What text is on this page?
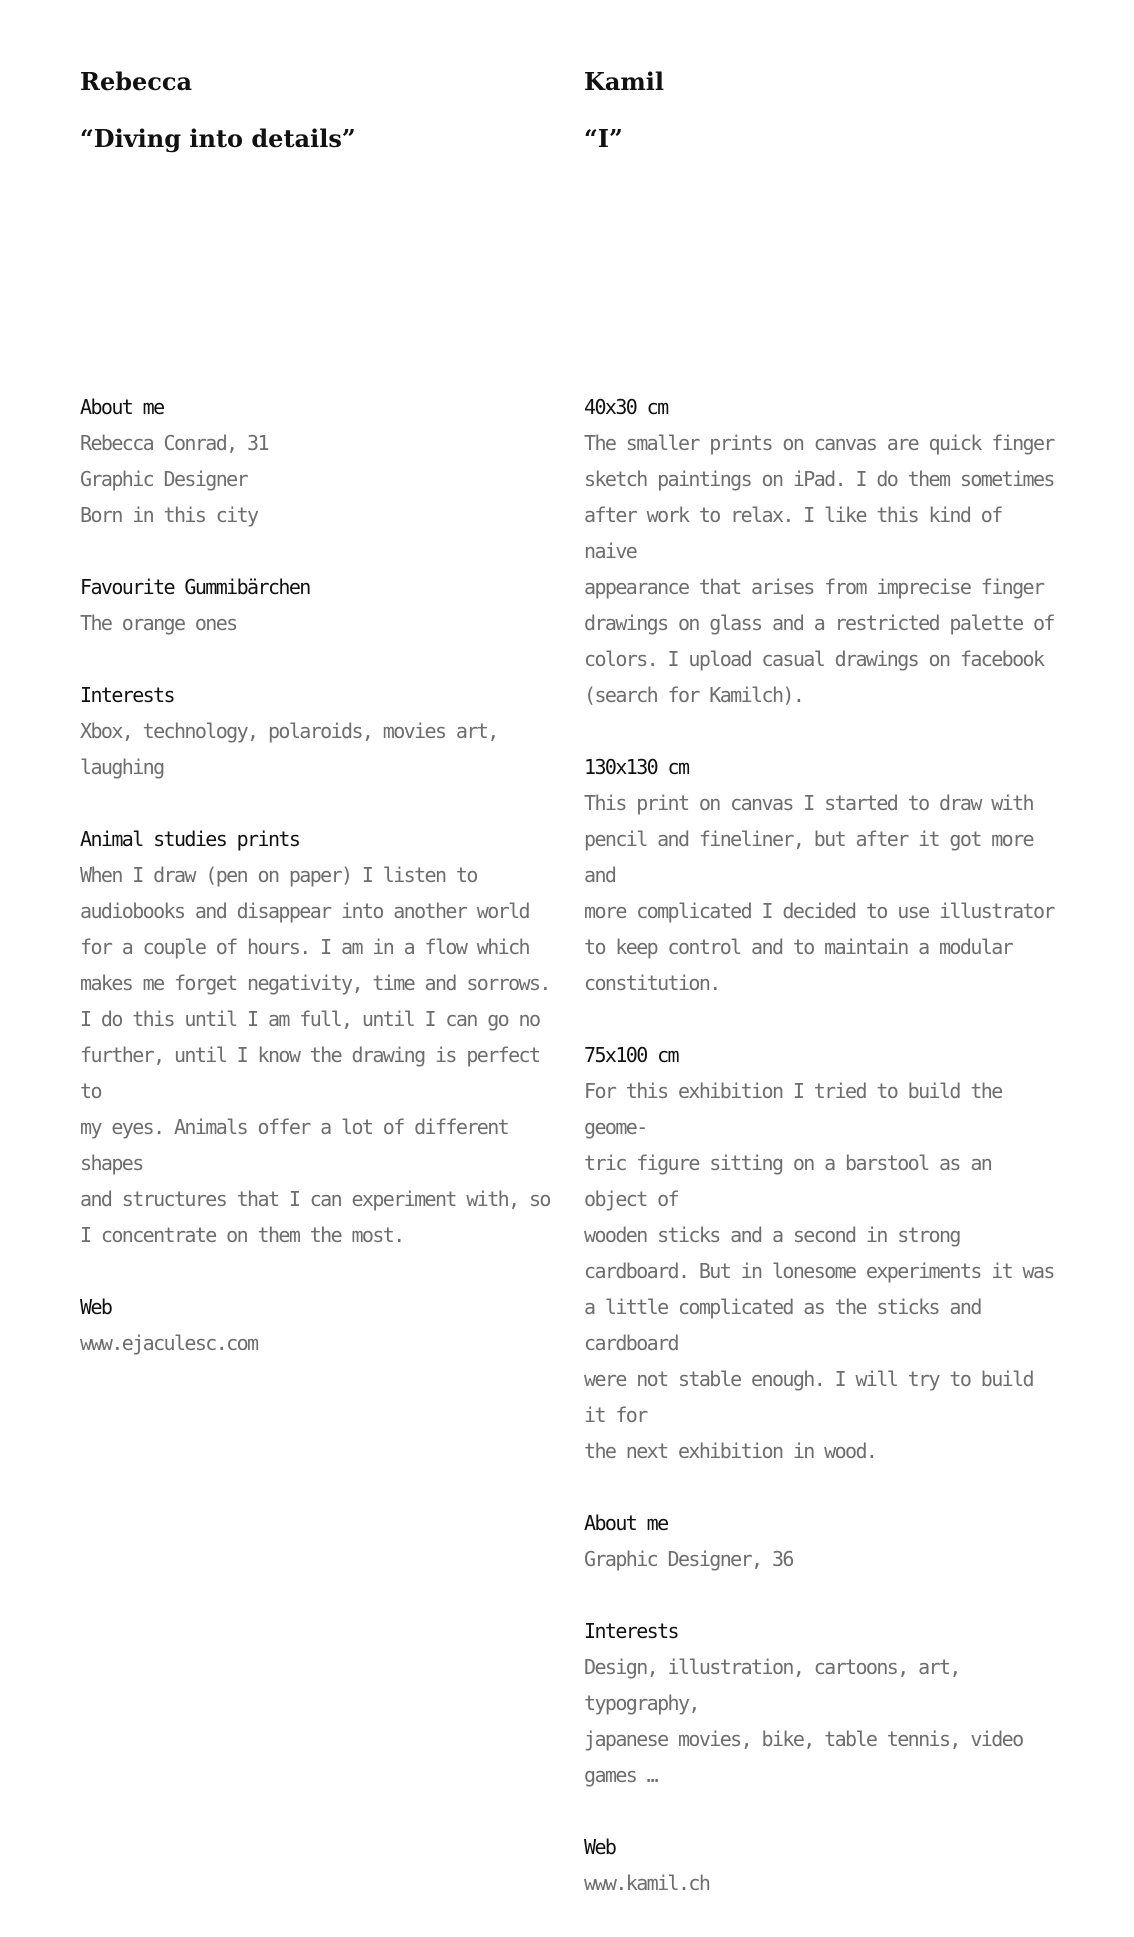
Rebecca
“Diving into details”
About me
Rebecca Conrad, 31
Graphic Designer
Born in this city
Favourite Gummibärchen
The orange ones
Interests
Xbox, technology, polaroids, movies art,
laughing
Animal studies prints
When I draw (pen on paper) I listen to
audiobooks and disappear into another world
for a couple of hours. I am in a flow which
makes me forget negativity, time and sorrows.
I do this until I am full, until I can go no
further, until I know the drawing is perfect to
my eyes. Animals offer a lot of different shapes
and structures that I can experiment with, so
I concentrate on them the most.
Web
www.ejaculesc.com
Kamil
“I”
40x30 cm
The smaller prints on canvas are quick finger
sketch paintings on iPad. I do them sometimes
after work to relax. I like this kind of naive
appearance that arises from imprecise finger
drawings on glass and a restricted palette of
colors. I upload casual drawings on facebook
(search for Kamilch).
130x130 cm
This print on canvas I started to draw with
pencil and fineliner, but after it got more and
more complicated I decided to use illustrator
to keep control and to maintain a modular
constitution.
75x100 cm
For this exhibition I tried to build the geome-
tric figure sitting on a barstool as an object of
wooden sticks and a second in strong
cardboard. But in lonesome experiments it was
a little complicated as the sticks and cardboard
were not stable enough. I will try to build it for
the next exhibition in wood.
About me
Graphic Designer, 36
Interests
Design, illustration, cartoons, art, typography,
japanese movies, bike, table tennis, video
games …
Web
www.kamil.ch
